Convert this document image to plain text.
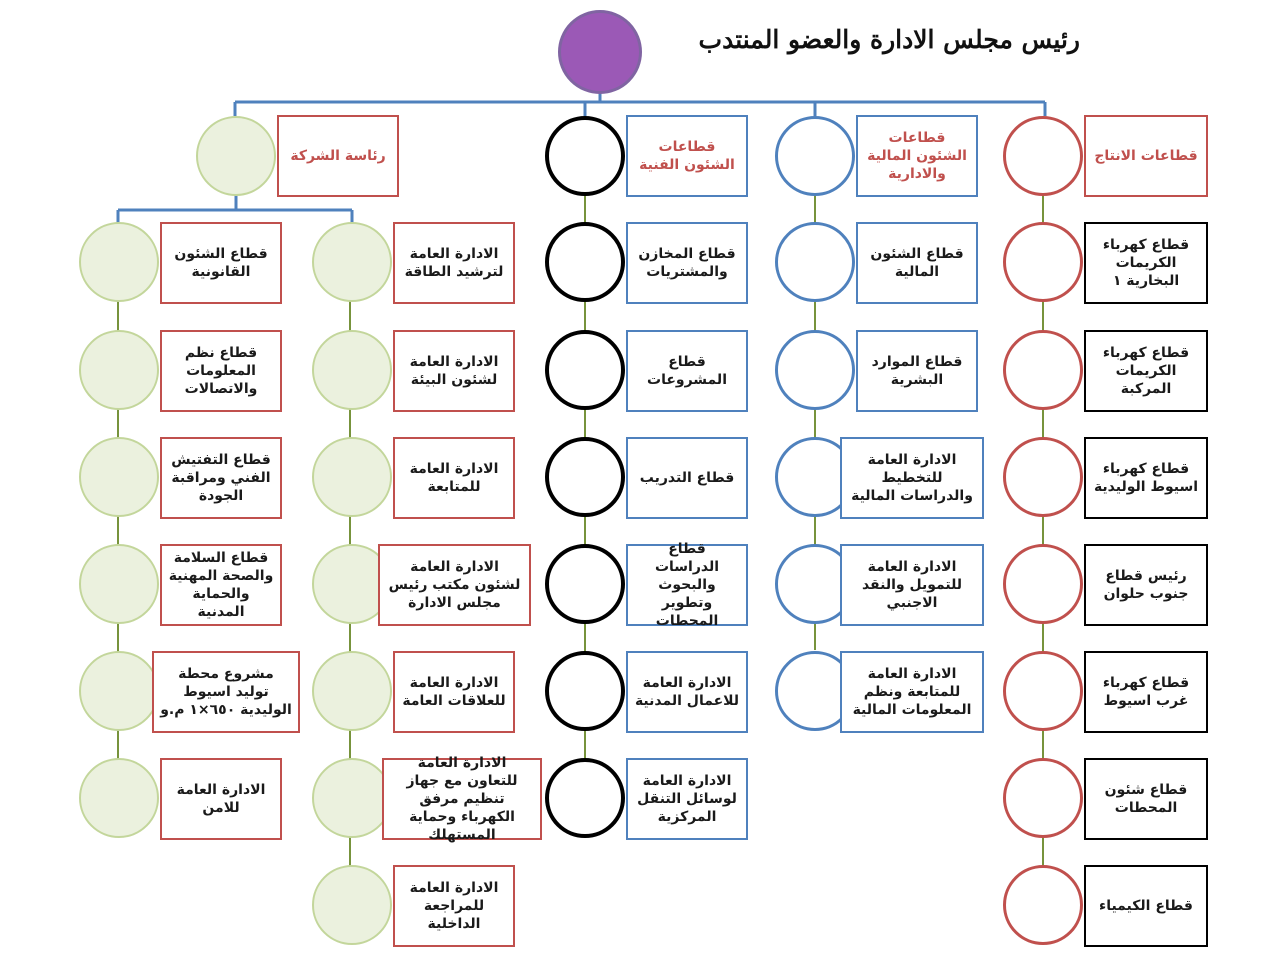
رئيس مجلس الادارة والعضو المنتدب
قطاعات الانتاج
قطاع كهرباء الكريمات البخارية ١
قطاع كهرباء الكريمات المركبة
قطاع كهرباء اسيوط الوليدية
رئيس قطاع جنوب حلوان
قطاع كهرباء غرب اسيوط
قطاع شئون المحطات
قطاع الكيمياء
قطاعات الشئون المالية والادارية
قطاع الشئون المالية
قطاع الموارد البشرية
الادارة العامة للتخطيط والدراسات المالية
الادارة العامة للتمويل والنقد الاجنبي
الادارة العامة للمتابعة ونظم المعلومات المالية
قطاعات الشئون الفنية
قطاع المخازن والمشتريات
قطاع المشروعات
قطاع التدريب
قطاع الدراسات والبحوث وتطوير المحطات
الادارة العامة للاعمال المدنية
الادارة العامة لوسائل التنقل المركزية
رئاسة الشركة
الادارة العامة لترشيد الطاقة
الادارة العامة لشئون البيئة
الادارة العامة للمتابعة
الادارة العامة لشئون مكتب رئيس مجلس الادارة
الادارة العامة للعلاقات العامة
الادارة العامة للتعاون مع جهاز تنظيم مرفق الكهرباء وحماية المستهلك
الادارة العامة للمراجعة الداخلية
قطاع الشئون القانونية
قطاع نظم المعلومات والاتصالات
قطاع التفتيش الفني ومراقبة الجودة
قطاع السلامة والصحة المهنية والحماية المدنية
مشروع محطة توليد اسيوط الوليدية ٦٥٠×١ م.و
الادارة العامة للامن
